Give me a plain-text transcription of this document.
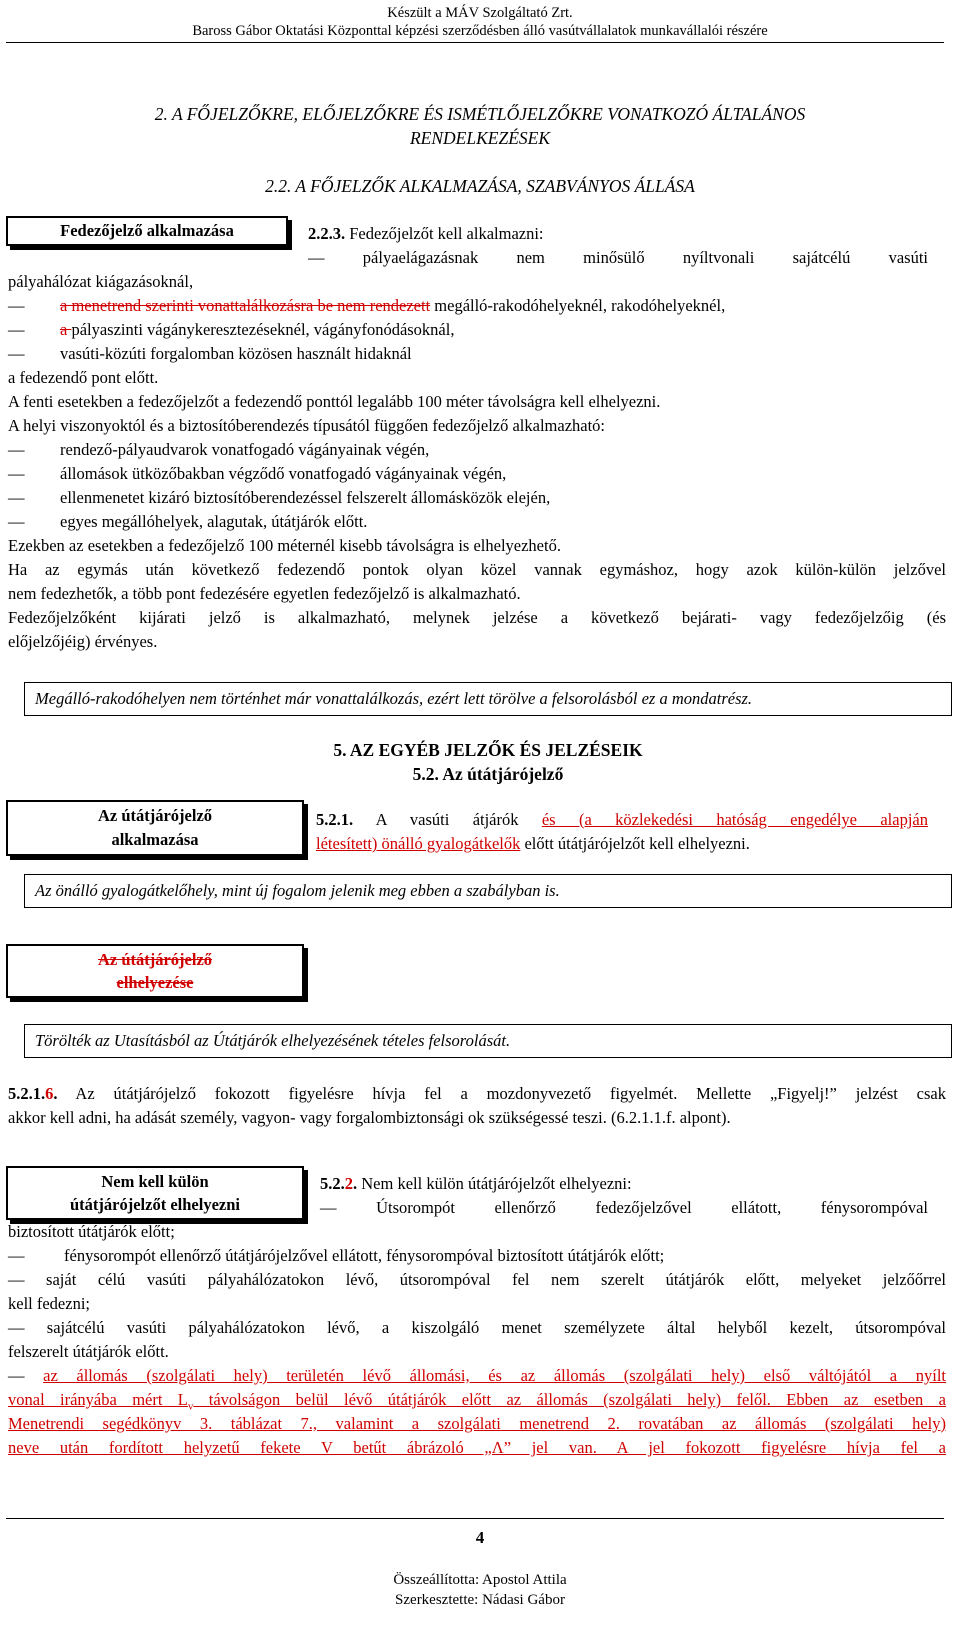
Készült a MÁV Szolgáltató Zrt.
Baross Gábor Oktatási Központtal képzési szerződésben álló vasútvállalatok munkavállalói részére
2. A FŐJELZŐKRE, ELŐJELZŐKRE ÉS ISMÉTLŐJELZŐKRE VONATKOZÓ ÁLTALÁNOS
RENDELKEZÉSEK
2.2. A FŐJELZŐK ALKALMAZÁSA, SZABVÁNYOS ÁLLÁSA
Fedezőjelző alkalmazása	2.2.3. Fedezőjelzőt kell alkalmazni:
— pályaelágazásnak nem minősülő nyíltvonali sajátcélú vasúti
pályahálózat kiágazásoknál,
— a menetrend szerinti vonattalálkozásra be nem rendezett megálló-rakodóhelyeknél, rakodóhelyeknél,
— a pályaszinti vágánykeresztezéseknél, vágányfonódásoknál,
— vasúti-közúti forgalomban közösen használt hidaknál
a fedezendő pont előtt.
A fenti esetekben a fedezőjelzőt a fedezendő ponttól legalább 100 méter távolságra kell elhelyezni.
A helyi viszonyoktól és a biztosítóberendezés típusától függően fedezőjelző alkalmazható:
— rendező-pályaudvarok vonatfogadó vágányainak végén,
— állomások ütközőbakban végződő vonatfogadó vágányainak végén,
— ellenmenetet kizáró biztosítóberendezéssel felszerelt állomásközök elején,
— egyes megállóhelyek, alagutak, útátjárók előtt.
Ezekben az esetekben a fedezőjelző 100 méternél kisebb távolságra is elhelyezhető.
Ha az egymás után következő fedezendő pontok olyan közel vannak egymáshoz, hogy azok külön-külön jelzővel
nem fedezhetők, a több pont fedezésére egyetlen fedezőjelző is alkalmazható.
Fedezőjelzőként kijárati jelző is alkalmazható, melynek jelzése a következő bejárati- vagy fedezőjelzőig (és
előjelzőjéig) érvényes.
Megálló-rakodóhelyen nem történhet már vonattalálkozás, ezért lett törölve a felsorolásból ez a mondatrész.
5. AZ EGYÉB JELZŐK ÉS JELZÉSEIK
5.2. Az útátjárójelző
Az útátjárójelző
alkalmazása
5.2.1. A vasúti átjárók és (a közlekedési hatóság engedélye alapján
létesített) önálló gyalogátkelők előtt útátjárójelzőt kell elhelyezni.
Az önálló gyalogátkelőhely, mint új fogalom jelenik meg ebben a szabályban is.
Az útátjárójelző
elhelyezése
Törölték az Utasításból az Útátjárók elhelyezésének tételes felsorolását.
5.2.1.6. Az útátjárójelző fokozott figyelésre hívja fel a mozdonyvezető figyelmét. Mellette „Figyelj!” jelzést csak
akkor kell adni, ha adását személy, vagyon- vagy forgalombiztonsági ok szükségessé teszi. (6.2.1.1.f. alpont).
Nem kell külön
útátjárójelzőt elhelyezni
5.2.2. Nem kell külön útátjárójelzőt elhelyezni:
— Útsorompót ellenőrző fedezőjelzővel ellátott, fénysorompóval
biztosított útátjárók előtt;
— fénysorompót ellenőrző útátjárójelzővel ellátott, fénysorompóval biztosított útátjárók előtt;
— saját célú vasúti pályahálózatokon lévő, útsorompóval fel nem szerelt útátjárók előtt, melyeket jelzőőrrel
kell fedezni;
— sajátcélú vasúti pályahálózatokon lévő, a kiszolgáló menet személyzete által helyből kezelt, útsorompóval
felszerelt útátjárók előtt.
— az állomás (szolgálati hely) területén lévő állomási, és az állomás (szolgálati hely) első váltójától a nyílt
vonal irányába mért $L_v$ távolságon belül lévő útátjárók előtt az állomás (szolgálati hely) felől. Ebben az esetben a
Menetrendi segédkönyv 3. táblázat 7., valamint a szolgálati menetrend 2. rovatában az állomás (szolgálati hely)
neve után fordított helyzetű fekete V betűt ábrázoló „Λ” jel van. A jel fokozott figyelésre hívja fel a
4
Összeállította: Apostol Attila
Szerkesztette: Nádasi Gábor
